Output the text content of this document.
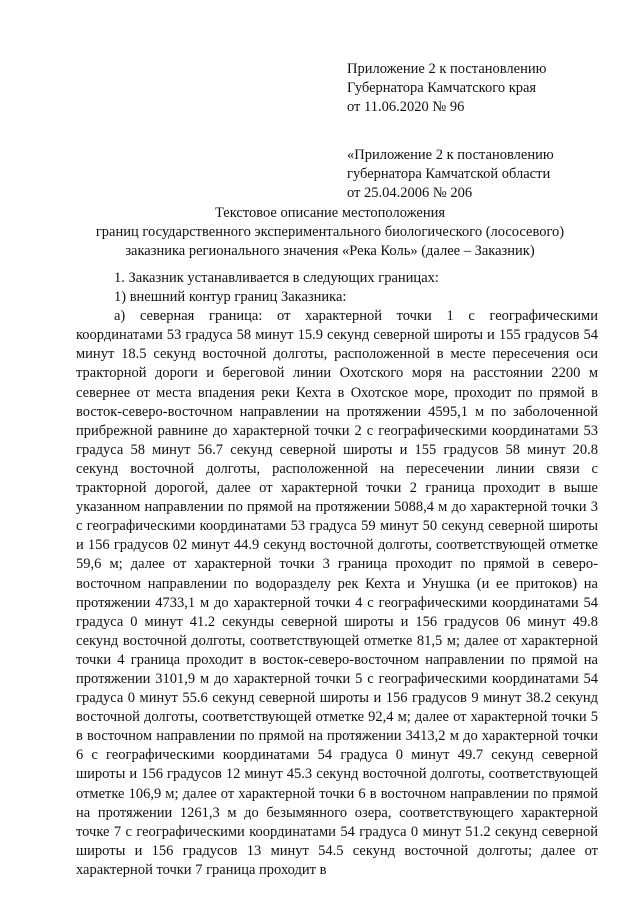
Приложение 2 к постановлению

Губернатора Камчатского края

от 11.06.2020 № 96

«Приложение 2 к постановлению

губернатора Камчатской области

от 25.04.2006 № 206

Текстовое описание местоположения

границ государственного экспериментального биологического (лососевого)

заказника регионального значения «Река Коль» (далее – Заказник)

1. Заказник устанавливается в следующих границах:

1) внешний контур границ Заказника:

а) северная граница: от характерной точки 1 с географическими координатами 53 градуса 58 минут 15.9 секунд северной широты и 155 градусов 54 минут 18.5 секунд восточной долготы, расположенной в месте пересечения оси тракторной дороги и береговой линии Охотского моря на расстоянии 2200 м севернее от места впадения реки Кехта в Охотское море, проходит по прямой в восток-северо-восточном направлении на протяжении 4595,1 м по заболоченной прибрежной равнине до характерной точки 2 с географическими координатами 53 градуса 58 минут 56.7 секунд северной широты и 155 градусов 58 минут 20.8 секунд восточной долготы, расположенной на пересечении линии связи с тракторной дорогой, далее от характерной точки 2 граница проходит в выше указанном направлении по прямой на протяжении 5088,4 м до характерной точки 3 с географическими координатами 53 градуса 59 минут 50 секунд северной широты и 156 градусов 02 минут 44.9 секунд восточной долготы, соответствующей отметке 59,6 м; далее от характерной точки 3 граница проходит по прямой в северо-восточном направлении по водоразделу рек Кехта и Унушка (и ее притоков) на протяжении 4733,1 м до характерной точки 4 с географическими координатами 54 градуса 0 минут 41.2 секунды северной широты и 156 градусов 06 минут 49.8 секунд восточной долготы, соответствующей отметке 81,5 м; далее от характерной точки 4 граница проходит в восток-северо-восточном направлении по прямой на протяжении 3101,9 м до характерной точки 5 с географическими координатами 54 градуса 0 минут 55.6 секунд северной широты и 156 градусов 9 минут 38.2 секунд восточной долготы, соответствующей отметке 92,4 м; далее от характерной точки 5 в восточном направлении по прямой на протяжении 3413,2 м до характерной точки 6 с географическими координатами 54 градуса 0 минут 49.7 секунд северной широты и 156 градусов 12 минут 45.3 секунд восточной долготы, соответствующей отметке 106,9 м; далее от характерной точки 6 в восточном направлении по прямой на протяжении 1261,3 м до безымянного озера, соответствующего характерной точке 7 с географическими координатами 54 градуса 0 минут 51.2 секунд северной широты и 156 градусов 13 минут 54.5 секунд восточной долготы; далее от характерной точки 7 граница проходит в
